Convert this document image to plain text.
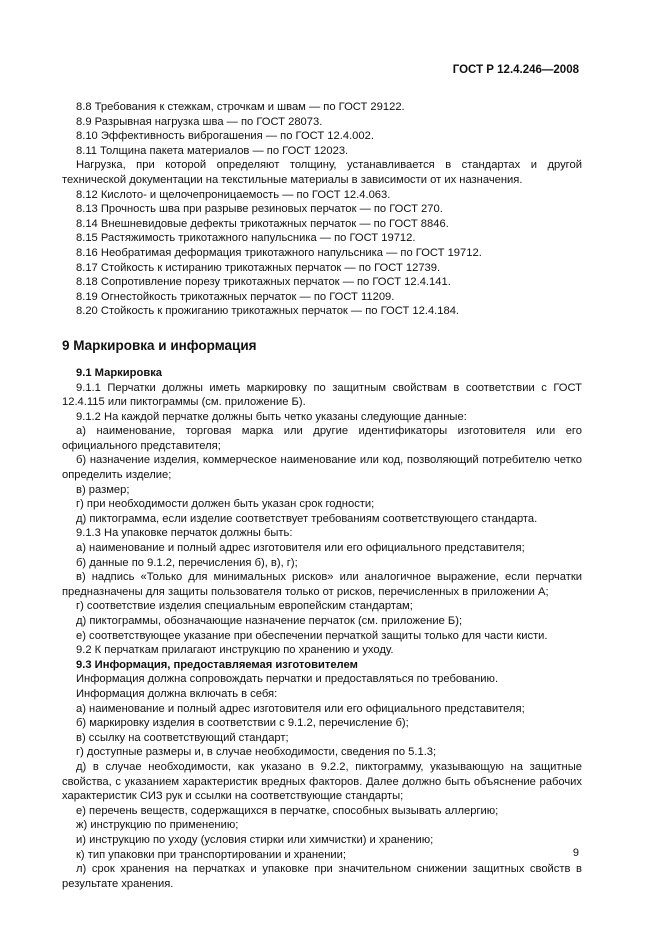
ГОСТ Р 12.4.246—2008

8.8 Требования к стежкам, строчкам и швам — по ГОСТ 29122.

8.9 Разрывная нагрузка шва — по ГОСТ 28073.

8.10 Эффективность виброгашения — по ГОСТ 12.4.002.

8.11 Толщина пакета материалов — по ГОСТ 12023.

Нагрузка, при которой определяют толщину, устанавливается в стандартах и другой технической документации на текстильные материалы в зависимости от их назначения.

8.12 Кислото- и щелочепроницаемость — по ГОСТ 12.4.063.

8.13 Прочность шва при разрыве резиновых перчаток — по ГОСТ 270.

8.14 Внешневидовые дефекты трикотажных перчаток — по ГОСТ 8846.

8.15 Растяжимость трикотажного напульсника — по ГОСТ 19712.

8.16 Необратимая деформация трикотажного напульсника — по ГОСТ 19712.

8.17 Стойкость к истиранию трикотажных перчаток — по ГОСТ 12739.

8.18 Сопротивление порезу трикотажных перчаток — по ГОСТ 12.4.141.

8.19 Огнестойкость трикотажных перчаток — по ГОСТ 11209.

8.20 Стойкость к прожиганию трикотажных перчаток — по ГОСТ 12.4.184.

9 Маркировка и информация

9.1 Маркировка

9.1.1 Перчатки должны иметь маркировку по защитным свойствам в соответствии с ГОСТ 12.4.115 или пиктограммы (см. приложение Б).

9.1.2 На каждой перчатке должны быть четко указаны следующие данные:

а) наименование, торговая марка или другие идентификаторы изготовителя или его официального представителя;

б) назначение изделия, коммерческое наименование или код, позволяющий потребителю четко определить изделие;

в) размер;

г) при необходимости должен быть указан срок годности;

д) пиктограмма, если изделие соответствует требованиям соответствующего стандарта.

9.1.3 На упаковке перчаток должны быть:

а) наименование и полный адрес изготовителя или его официального представителя;

б) данные по 9.1.2, перечисления б), в), г);

в) надпись «Только для минимальных рисков» или аналогичное выражение, если перчатки предназначены для защиты пользователя только от рисков, перечисленных в приложении А;

г) соответствие изделия специальным европейским стандартам;

д) пиктограммы, обозначающие назначение перчаток (см. приложение Б);

е) соответствующее указание при обеспечении перчаткой защиты только для части кисти.

9.2 К перчаткам прилагают инструкцию по хранению и уходу.

9.3 Информация, предоставляемая изготовителем

Информация должна сопровождать перчатки и предоставляться по требованию.

Информация должна включать в себя:

а) наименование и полный адрес изготовителя или его официального представителя;

б) маркировку изделия в соответствии с 9.1.2, перечисление б);

в) ссылку на соответствующий стандарт;

г) доступные размеры и, в случае необходимости, сведения по 5.1.3;

д) в случае необходимости, как указано в 9.2.2, пиктограмму, указывающую на защитные свойства, с указанием характеристик вредных факторов. Далее должно быть объяснение рабочих характеристик СИЗ рук и ссылки на соответствующие стандарты;

е) перечень веществ, содержащихся в перчатке, способных вызывать аллергию;

ж) инструкцию по применению;

и) инструкцию по уходу (условия стирки или химчистки) и хранению;

к) тип упаковки при транспортировании и хранении;

л) срок хранения на перчатках и упаковке при значительном снижении защитных свойств в результате хранения.

9
